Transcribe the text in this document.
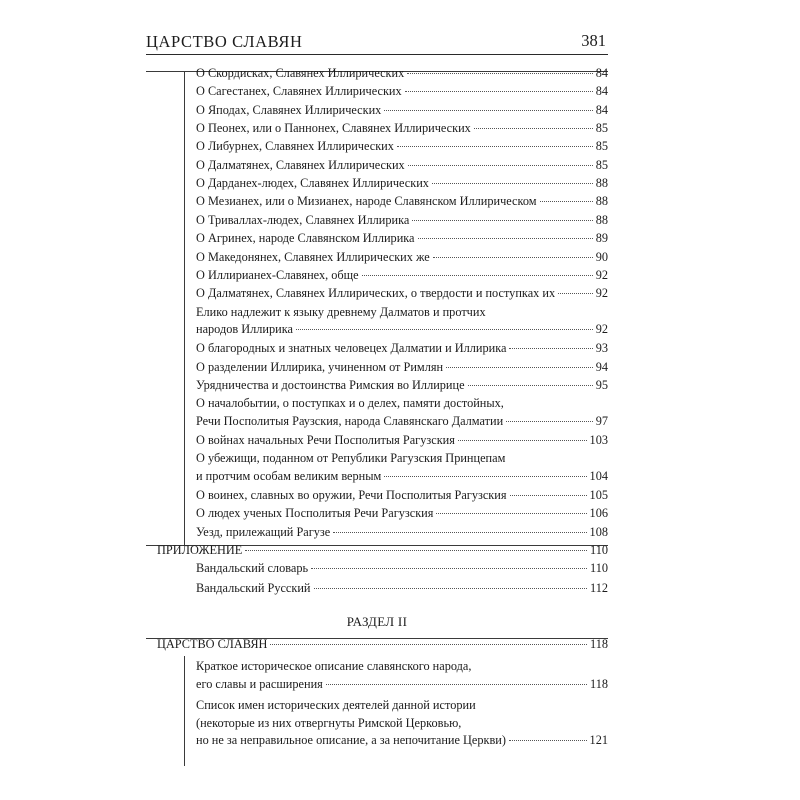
ЦАРСТВО СЛАВЯН	381
О Скордисках, Славянех Иллирических	84
О Сагестанех, Славянех Иллирических	84
О Яподах, Славянех Иллирических	84
О Пеонех, или о Паннонех, Славянех Иллирических	85
О Либурнех, Славянех Иллирических	85
О Далматянех, Славянех Иллирических	85
О Дарданех-людех, Славянех Иллирических	88
О Мезианех, или о Мизианех, народе Славянском Иллирическом	88
О Триваллах-людех, Славянех Иллирика	88
О Агринех, народе Славянском Иллирика	89
О Македонянех, Славянех Иллирических же	90
О Иллирианех-Славянех, обще	92
О Далматянех, Славянех Иллирических, о твердости и поступках их	92
Елико надлежит к языку древнему Далматов и протчих
народов Иллирика	92
О благородных и знатных человецех Далматии и Иллирика	93
О разделении Иллирика, учиненном от Римлян	94
Урядничества и достоинства Римския во Иллирице	95
О началобытии, о поступках и о делех, памяти достойных,
Речи Посполитыя Раузския, народа Славянскаго Далматии	97
О войнах начальных Речи Посполитыя Рагузския	103
О убежищи, поданном от Републики Рагузския Принцепам
и протчим особам великим верным	104
О воинех, славных во оружии, Речи Посполитыя Рагузския	105
О людех ученых Посполитыя Речи Рагузския	106
Уезд, прилежащий Рагузе	108
ПРИЛОЖЕНИЕ	110
Вандальский словарь	110
Вандальский Русский	112
ЦАРСТВО СЛАВЯН	118
Краткое историческое описание славянского народа,
его славы и расширения	118
Список имен исторических деятелей данной истории
(некоторые из них отвергнуты Римской Церковью,
но не за неправильное описание, а за непочитание Церкви)	121
РАЗДЕЛ II
